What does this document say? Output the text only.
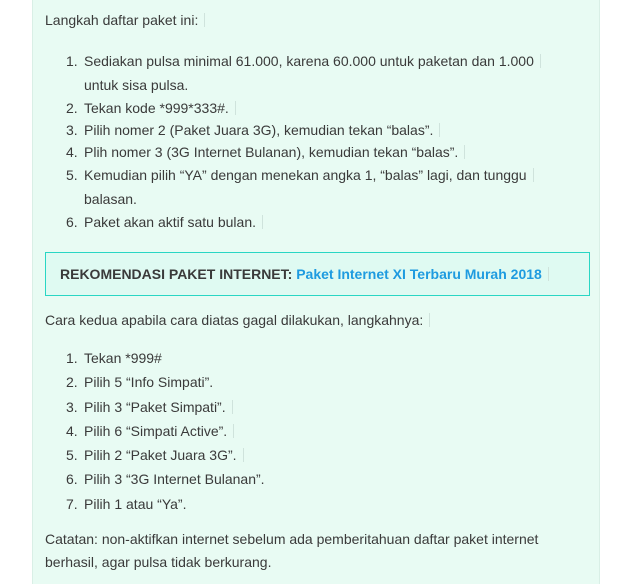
Langkah daftar paket ini:
1. Sediakan pulsa minimal 61.000, karena 60.000 untuk paketan dan 1.000
untuk sisa pulsa.
2. Tekan kode *999*333#.
3. Pilih nomer 2 (Paket Juara 3G), kemudian tekan “balas”.
4. Plih nomer 3 (3G Internet Bulanan), kemudian tekan “balas”.
5. Kemudian pilih “YA” dengan menekan angka 1, “balas” lagi, dan tunggu
balasan.
6. Paket akan aktif satu bulan.
REKOMENDASI PAKET INTERNET: Paket Internet XI Terbaru Murah 2018
Cara kedua apabila cara diatas gagal dilakukan, langkahnya:
1. Tekan *999#
2. Pilih 5 “Info Simpati”.
3. Pilih 3 “Paket Simpati”.
4. Pilih 6 “Simpati Active”.
5. Pilih 2 “Paket Juara 3G”.
6. Pilih 3 “3G Internet Bulanan”.
7. Pilih 1 atau “Ya”.
Catatan: non-aktifkan internet sebelum ada pemberitahuan daftar paket internet berhasil, agar pulsa tidak berkurang.
